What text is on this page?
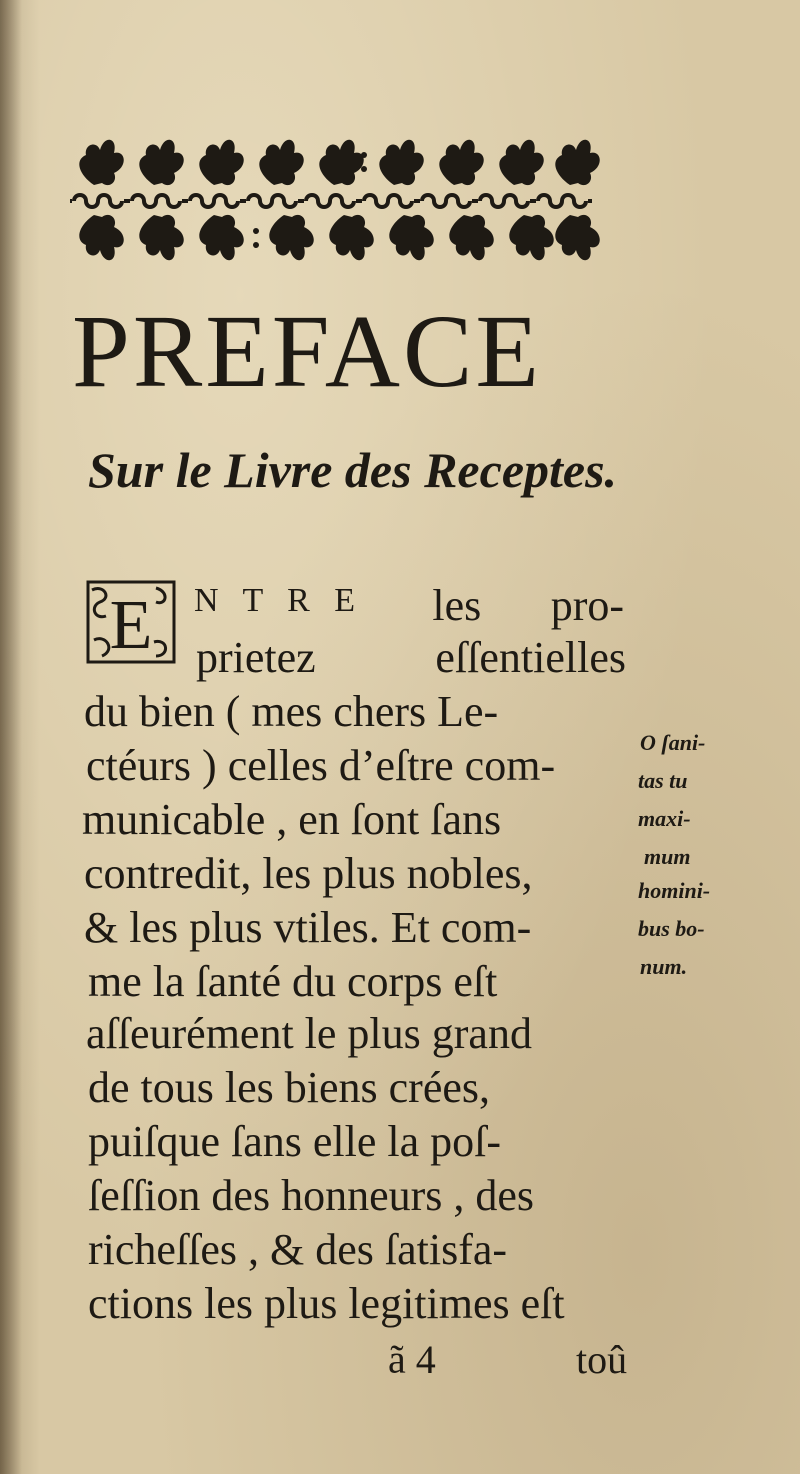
PREFACE
Sur le Livre des Receptes.
E N T R E les pro-
prietez	eſſentielles
du bien ( mes chers Le-
ctéurs ) celles d’eſtre com-
municable , en ſont ſans
contredit, les plus nobles,
& les plus vtiles. Et com-
me la ſanté du corps eſt
aſſeurément le plus grand
de tous les biens crées,
puiſque ſans elle la poſ-
ſeſſion des honneurs , des
richeſſes , & des ſatisfa-
ctions les plus legitimes eſt
O ſani-
tas tu
maxi-
mum
homini-
bus bo-
num.
ã 4	toû
